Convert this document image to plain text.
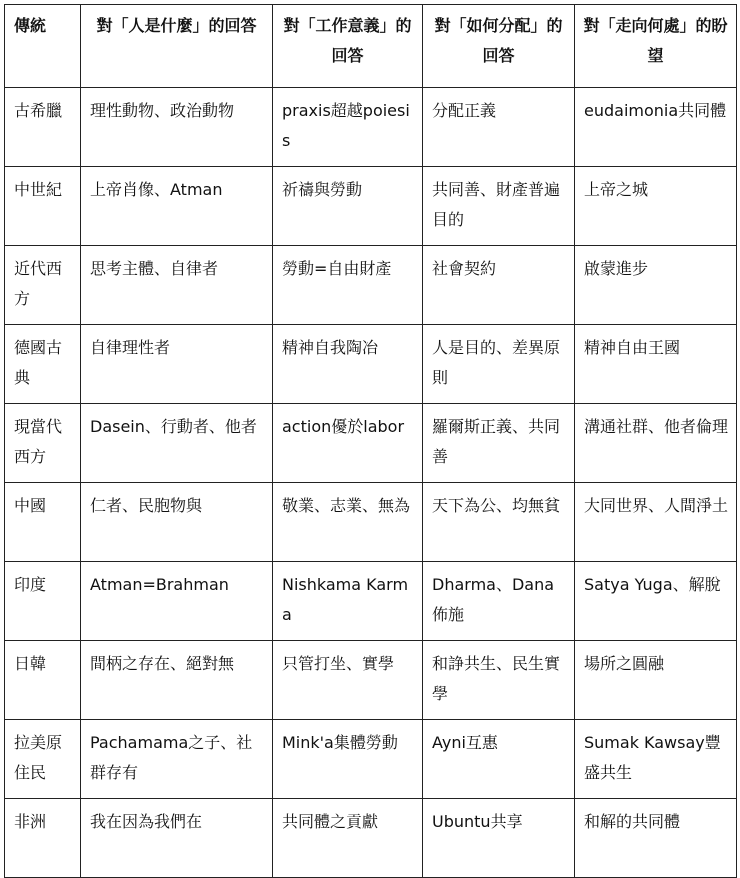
傳統	對「人是什麼」的回答	對「工作意義」的回答	對「如何分配」的回答	對「走向何處」的盼望
古希臘	理性動物、政治動物	praxis超越poiesis	分配正義	eudaimonia共同體
中世紀	上帝肖像、Atman	祈禱與勞動	共同善、財產普遍目的	上帝之城
近代西方	思考主體、自律者	勞動=自由財產	社會契約	啟蒙進步
德國古典	自律理性者	精神自我陶冶	人是目的、差異原則	精神自由王國
現當代西方	Dasein、行動者、他者	action優於labor	羅爾斯正義、共同善	溝通社群、他者倫理
中國	仁者、民胞物與	敬業、志業、無為	天下為公、均無貧	大同世界、人間淨土
印度	Atman=Brahman	Nishkama Karma	Dharma、Dana佈施	Satya Yuga、解脫
日韓	間柄之存在、絕對無	只管打坐、實學	和諍共生、民生實學	場所之圓融
拉美原住民	Pachamama之子、社群存有	Mink'a集體勞動	Ayni互惠	Sumak Kawsay豐盛共生
非洲	我在因為我們在	共同體之貢獻	Ubuntu共享	和解的共同體
